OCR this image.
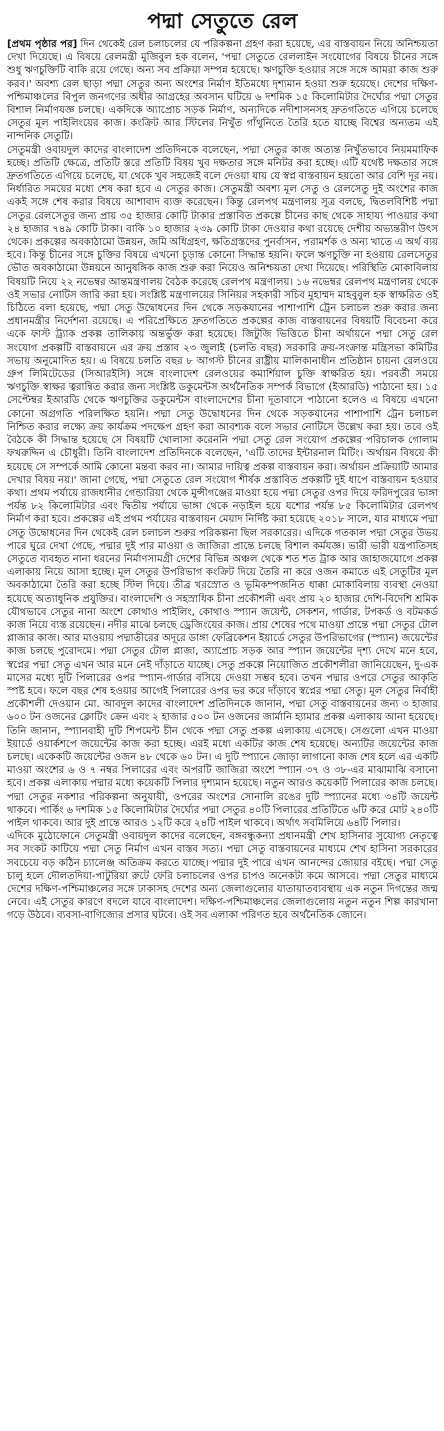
পদ্মা সেতুতে রেল

[প্রথম পৃষ্ঠার পর] দিন থেকেই রেল চলাচলের যে পরিকল্পনা গ্রহণ করা হয়েছে, এর বাস্তবায়ন নিয়ে অনিশ্চয়তা দেখা দিয়েছে। এ বিষয়ে রেলমন্ত্রী মুজিবুল হক বলেন, 'পদ্মা সেতুতে রেললাইন সংযোগের বিষয়ে চীনের সঙ্গে শুধু ঋণচুক্তিটি বাকি রয়ে গেছে। অন্য সব প্রক্রিয়া সম্পন্ন হয়েছে। ঋণচুক্তি হওয়ার সঙ্গে সঙ্গে আমরা কাজ শুরু করব।' অবশ্য রেল ছাড়া পদ্মা সেতুর অন্য অংশের নির্মাণ ইতিমধ্যে দৃশ্যমান হওয়া শুরু হয়েছে। দেশের দক্ষিণ-পশ্চিমাঞ্চলের বিপুল জনগণের অধীর আগ্রহের অবসান ঘটিয়ে ৬ দশমিক ১৫ কিলোমিটার দৈর্ঘ্যের পদ্মা সেতুর বিশাল নির্মাণযজ্ঞ চলছে। একদিকে অ্যাপ্রোচ সড়ক নির্মাণ, অন্যদিকে নদীশাসনসহ দ্রুতগতিতে এগিয়ে চলেছে সেতুর মূল পাইলিংয়ের কাজ। কংক্রিট আর স্টিলের নিখুঁত গাঁথুনিতে তৈরি হতে যাচ্ছে বিশ্বের অন্যতম এই নান্দনিক সেতুটি।

সেতুমন্ত্রী ওবায়দুল কাদের বাংলাদেশ প্রতিদিনকে বলেছেন, পদ্মা সেতুর কাজ অত্যন্ত নিখুঁতভাবে নিয়মমাফিক হচ্ছে। প্রতিটি ক্ষেত্রে, প্রতিটি স্তরে প্রতিটি বিষয় খুব দক্ষতার সঙ্গে মনিটর করা হচ্ছে। এটি যথেষ্ট দক্ষতার সঙ্গে দ্রুতগতিতে এগিয়ে চলেছে, যা থেকে খুব সহজেই বলে দেওয়া যায় যে স্বপ্ন বাস্তবায়ন হয়তো আর বেশি দূর নয়। নির্ধারিত সময়ের মধ্যে শেষ করা হবে এ সেতুর কাজ। সেতুমন্ত্রী অবশ্য মূল সেতু ও রেলসেতু দুই অংশের কাজ একই সঙ্গে শেষ করার বিষয়ে আশাবাদ ব্যক্ত করেছেন। কিন্তু রেলপথ মন্ত্রণালয় সূত্র বলছে, দ্বিতলবিশিষ্ট পদ্মা সেতুর রেলসেতুর জন্য প্রায় ৩৫ হাজার কোটি টাকার প্রস্তাবিত প্রকল্পে চীনের কাছ থেকে সাহায্য পাওয়ার কথা ২৪ হাজার ৭৪৯ কোটি টাকা। বাকি ১০ হাজার ২৩৯ কোটি টাকা দেওয়ার কথা রয়েছে দেশীয় অভ্যন্তরীণ উৎস থেকে। প্রকল্পের অবকাঠামো উন্নয়ন, জমি অধিগ্রহণ, ক্ষতিগ্রস্তদের পুনর্বাসন, পরামর্শক ও অন্য খাতে এ অর্থ ব্যয় হবে। কিন্তু চীনের সঙ্গে চুক্তির বিষয়ে এখনো চূড়ান্ত কোনো সিদ্ধান্ত হয়নি। ফলে ঋণচুক্তি না হওয়ায় রেলসেতুর ভৌত অবকাঠামো উন্নয়নে আনুষঙ্গিক কাজ শুরু করা নিয়েও অনিশ্চয়তা দেখা দিয়েছে। পরিস্থিতি মোকাবিলায় বিষয়টি নিয়ে ২২ নভেম্বর আন্তমন্ত্রণালয় বৈঠক করেছে রেলপথ মন্ত্রণালয়। ১৬ নভেম্বর রেলপথ মন্ত্রণালয় থেকে ওই সভার নোটিস জারি করা হয়। সংশ্লিষ্ট মন্ত্রণালয়ের সিনিয়র সহকারী সচিব মুহাম্মদ মাহবুবুল হক স্বাক্ষরিত ওই চিঠিতে বলা হয়েছে, পদ্মা সেতু উদ্বোধনের দিন থেকে সড়কযানের পাশাপাশি ট্রেন চলাচল শুরু করার জন্য প্রধানমন্ত্রীর নির্দেশনা রয়েছে। এ পরিপ্রেক্ষিতে দ্রুতগতিতে প্রকল্পের কাজ বাস্তবায়নের বিষয়টি বিবেচনা করে একে ফাস্ট ট্র্যাক প্রকল্প তালিকায় অন্তর্ভুক্ত করা হয়েছে। জিটুজি ভিত্তিতে চীনা অর্থায়নে পদ্মা সেতু রেল সংযোগ প্রকল্পটি বাস্তবায়নে এর ক্রয় প্রস্তাব ২৩ জুলাই (চলতি বছর) সরকারি ক্রয়-সংক্রান্ত মন্ত্রিসভা কমিটির সভায় অনুমোদিত হয়। এ বিষয়ে চলতি বছর ৮ আগস্ট চীনের রাষ্ট্রীয় মালিকানাধীন প্রতিষ্ঠান চায়না রেলওয়ে গ্রুপ লিমিটেডের (সিআরইসি) সঙ্গে বাংলাদেশ রেলওয়ের কমার্শিয়াল চুক্তি স্বাক্ষরিত হয়। পরবর্তী সময়ে ঋণচুক্তি স্বাক্ষর ত্বরান্বিত করার জন্য সংশ্লিষ্ট ডকুমেন্টস অর্থনৈতিক সম্পর্ক বিভাগে (ইআরডি) পাঠানো হয়। ১৫ সেপ্টেম্বর ইআরডি থেকে ঋণচুক্তির ডকুমেন্টস বাংলাদেশের চীনা দূতাবাসে পাঠানো হলেও এ বিষয়ে এখনো কোনো অগ্রগতি পরিলক্ষিত হয়নি। পদ্মা সেতু উদ্বোধনের দিন থেকে সড়কযানের পাশাপাশি ট্রেন চলাচল নিশ্চিত করার লক্ষ্যে ক্রয় কার্যক্রম পদক্ষেপ গ্রহণ করা আবশ্যক বলে সভার নোটিসে উল্লেখ করা হয়। তবে ওই বৈঠকে কী সিদ্ধান্ত হয়েছে সে বিষয়টি খোলাসা করেননি পদ্মা সেতু রেল সংযোগ প্রকল্পের পরিচালক গোলাম ফখরুদ্দিন এ চৌধুরী। তিনি বাংলাদেশ প্রতিদিনকে বলেছেন, 'এটি তাদের ইন্টারনাল মিটিং। অর্থায়ন বিষয়ে কী হয়েছে সে সম্পর্কে আমি কোনো মন্তব্য করব না। আমার দায়িত্ব প্রকল্প বাস্তবায়ন করা। অর্থায়ন প্রক্রিয়াটি আমার দেখার বিষয় নয়।' জানা গেছে, পদ্মা সেতুতে রেল সংযোগ শীর্ষক প্রস্তাবিত প্রকল্পটি দুই ধাপে বাস্তবায়ন হওয়ার কথা। প্রথম পর্যায়ে রাজধানীর গেন্ডারিয়া থেকে মুন্সীগঞ্জের মাওয়া হয়ে পদ্মা সেতুর ওপর দিয়ে ফরিদপুরের ভাঙ্গা পর্যন্ত ৮২ কিলোমিটার এবং দ্বিতীয় পর্যায়ে ভাঙ্গা থেকে নড়াইল হয়ে যশোর পর্যন্ত ৮৫ কিলোমিটার রেলপথ নির্মাণ করা হবে। প্রকল্পের এই প্রথম পর্যায়ের বাস্তবায়ন মেয়াদ নির্দিষ্ট করা হয়েছে ২০১৮ সালে, যার মাধ্যমে পদ্মা সেতু উদ্বোধনের দিন থেকেই রেল চলাচল শুরুর পরিকল্পনা ছিল সরকারের। এদিকে গতকাল পদ্মা সেতুর উভয় পারে ঘুরে দেখা গেছে, পদ্মার দুই পার মাওয়া ও জাজিরা প্রান্তে চলছে বিশাল কর্মযজ্ঞ। ভারী ভারী যন্ত্রপাতিসহ সেতুতে ব্যবহৃত নানা ধরনের নির্মাণসামগ্রী দেশের বিভিন্ন অঞ্চল থেকে শত শত ট্রাক আর জাহাজযোগে প্রকল্প এলাকায় নিয়ে আসা হচ্ছে। মূল সেতুর উপরিভাগ কংক্রিট দিয়ে তৈরি না করে ওজন কমাতে এই সেতুটির মূল অবকাঠামো তৈরি করা হচ্ছে স্টিল দিয়ে। তীব্র খরস্রোত ও ভূমিকম্পজনিত ধাক্কা মোকাবিলায় ব্যবস্থা নেওয়া হয়েছে অত্যাধুনিক প্রযুক্তির। বাংলাদেশি ও সহস্রাধিক চীনা প্রকৌশলী এবং প্রায় ২০ হাজার দেশি-বিদেশি শ্রমিক যৌথভাবে সেতুর নানা অংশে কোথাও পাইলিং, কোথাও স্প্যান জয়েন্ট, সেকশন, গার্ডার, টপকর্ড ও বটমকর্ড কাজ নিয়ে ব্যস্ত রয়েছেন। নদীর মাঝে চলছে ড্রেজিংয়ের কাজ। প্রায় শেষের পথে মাওয়া প্রান্তে পদ্মা সেতুর টোল প্লাজার কাজ। আর মাওয়ায় পদ্মাতীরের অদূরে ডাঙ্গা ফেব্রিকেশন ইয়ার্ডে সেতুর উপরিভাগের (স্প্যান) জয়েন্টের কাজ চলছে পুরোদমে। পদ্মা সেতুর টোল প্লাজা, অ্যাপ্রোচ সড়ক আর স্প্যান জয়েন্টের দৃশ্য দেখে মনে হবে, স্বপ্নের পদ্মা সেতু এখন আর মনে নেই দাঁড়াতে যাচ্ছে। সেতু প্রকল্পে নিয়োজিত প্রকৌশলীরা জানিয়েছেন, দু-এক মাসের মধ্যে দুটি পিলারের ওপর স্প্যান-গার্ডার বসিয়ে দেওয়া সম্ভব হবে। তখন পদ্মার ওপরে সেতুর আকৃতি স্পষ্ট হবে। ফলে বছর শেষ হওয়ার আগেই পিলারের ওপর ভর করে দাঁড়াবে স্বপ্নের পদ্মা সেতু। মূল সেতুর নির্বাহী প্রকৌশলী দেওয়ান মো. আবদুল কাদের বাংলাদেশ প্রতিদিনকে জানান, পদ্মা সেতু বাস্তবায়নের জন্য ৩ হাজার ৬০০ টন ওজনের ক্লোটিং ক্রেন এবং ২ হাজার ৫০০ টন ওজনের জার্মানি হ্যামার প্রকল্প এলাকায় আনা হয়েছে। তিনি জানান, স্প্যানবাহী দুটি শিপমেন্ট চীন থেকে পদ্মা সেতু প্রকল্প এলাকায় এসেছে। সেগুলো এখন মাওয়া ইয়ার্ডে ওয়ার্কশপে জয়েন্টের কাজ করা হচ্ছে। এরই মধ্যে একটির কাজ শেষ হয়েছে। অন্যটির জয়েন্টের কাজ চলছে। একেকটি জয়েন্টের ওজন ৪৮ থেকে ৬০ টন। এ দুটি স্প্যানে জোড়া লাগানো কাজ শেষ হলে এর একটি মাওয়া অংশের ৬ ও ৭ নম্বর পিলারের এবং অপরটি জাজিরা অংশে স্প্যান ৩৭ ও ৩৮-এর মাঝামাঝি বসানো হবে। প্রকল্প এলাকায় পদ্মার মধ্যে কয়েকটি পিলার দৃশ্যমান হয়েছে। নতুন আরও কয়েকটি পিলারের কাজ চলছে। পদ্মা সেতুর নকশার পরিকল্পনা অনুযায়ী, ওপরের অংশের সোনালি রঙের দুটি স্প্যানের মধ্যে ৩৪টি জয়েন্ট থাকবে। পার্কিং ৬ দশমিক ১৫ কিলোমিটার দৈর্ঘ্যের পদ্মা সেতুর ৪০টি পিলারের প্রতিটিতে ৬টি করে মোট ২৪০টি পাইল থাকবে। আর দুই প্রান্তে আরও ১২টি করে ২৪টি পাইল থাকবে। অর্থাৎ সবমিলিয়ে ৬৪টি পিলার।

এদিকে মুঠোফোনে সেতুমন্ত্রী ওবায়দুল কাদের বলেছেন, বঙ্গবন্ধুকন্যা প্রধানমন্ত্রী শেখ হাসিনার সুযোগ্য নেতৃত্বে সব সংকট কাটিয়ে পদ্মা সেতু নির্মাণ এখন বাস্তব সত্য। পদ্মা সেতু বাস্তবায়নের মাধ্যমে শেখ হাসিনা সরকারের সবচেয়ে বড় কঠিন চ্যালেঞ্জ অতিক্রম করতে যাচ্ছে। পদ্মার দুই পারে এখন আনন্দের জোয়ার বইছে। পদ্মা সেতু চালু হলে দৌলতদিয়া-পাটুরিয়া রুটে ফেরি চলাচলের ওপর চাপও অনেকটা কমে আসবে। পদ্মা সেতুর মাধ্যমে দেশের দক্ষিণ-পশ্চিমাঞ্চলের সঙ্গে ঢাকাসহ দেশের অন্য জেলাগুলোর যাতায়াতব্যবস্থায় এক নতুন দিগন্তের জন্ম নেবে। এই সেতুর কারণে বদলে যাবে বাংলাদেশ। দক্ষিণ-পশ্চিমাঞ্চলের জেলাগুলোয় নতুন নতুন শিল্প কারখানা গড়ে উঠবে। ব্যবসা-বাণিজ্যের প্রসার ঘটবে। ওই সব এলাকা পরিণত হবে অর্থনৈতিক জোনে।
